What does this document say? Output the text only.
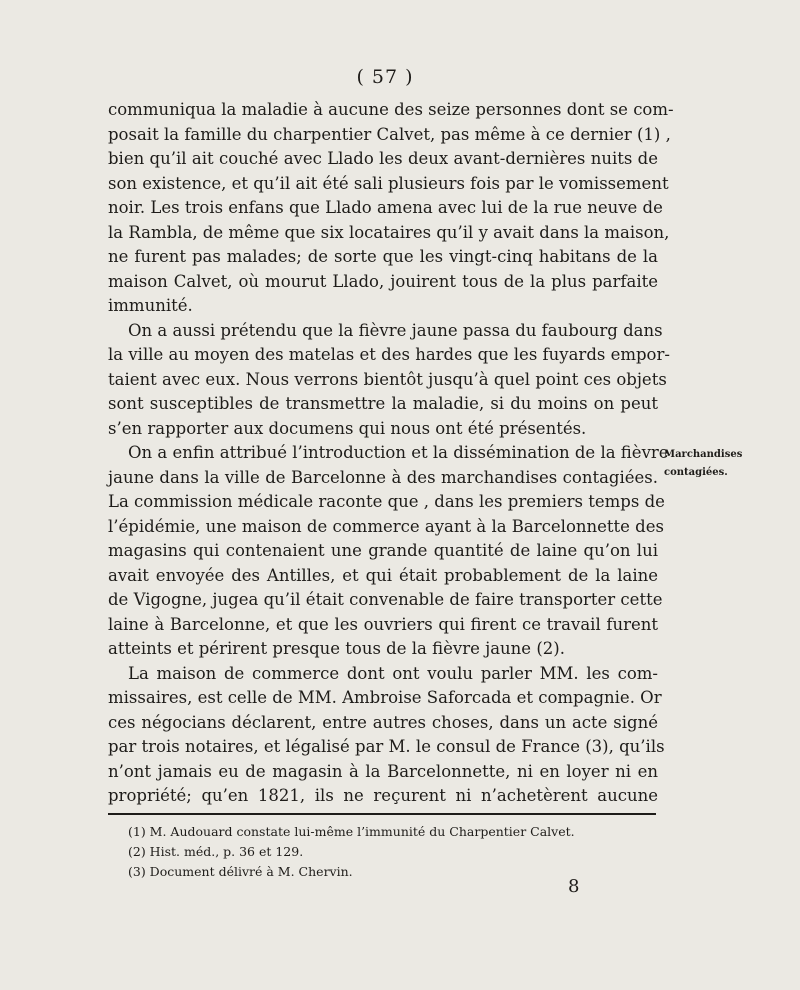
( 57 )
communiqua la maladie à aucune des seize personnes dont se com-
posait la famille du charpentier Calvet, pas même à ce dernier (1) ,
bien qu’il ait couché avec Llado les deux avant-dernières nuits de
son existence, et qu’il ait été sali plusieurs fois par le vomissement
noir. Les trois enfans que Llado amena avec lui de la rue neuve de
la Rambla, de même que six locataires qu’il y avait dans la maison,
ne furent pas malades; de sorte que les vingt-cinq habitans de la
maison Calvet, où mourut Llado, jouirent tous de la plus parfaite
immunité.
On a aussi prétendu que la fièvre jaune passa du faubourg dans
la ville au moyen des matelas et des hardes que les fuyards empor-
taient avec eux. Nous verrons bientôt jusqu’à quel point ces objets
sont susceptibles de transmettre la maladie, si du moins on peut
s’en rapporter aux documens qui nous ont été présentés.
On a enfin attribué l’introduction et la dissémination de la fièvre
jaune dans la ville de Barcelonne à des marchandises contagiées.
La commission médicale raconte que , dans les premiers temps de
l’épidémie, une maison de commerce ayant à la Barcelonnette des
magasins qui contenaient une grande quantité de laine qu’on lui
avait envoyée des Antilles, et qui était probablement de la laine
de Vigogne, jugea qu’il était convenable de faire transporter cette
laine à Barcelonne, et que les ouvriers qui firent ce travail furent
atteints et périrent presque tous de la fièvre jaune (2).
La maison de commerce dont ont voulu parler MM. les com-
missaires, est celle de MM. Ambroise Saforcada et compagnie. Or
ces négocians déclarent, entre autres choses, dans un acte signé
par trois notaires, et légalisé par M. le consul de France (3), qu’ils
n’ont jamais eu de magasin à la Barcelonnette, ni en loyer ni en
propriété; qu’en 1821, ils ne reçurent ni n’achetèrent aucune
Marchandises
contagiées.
(1) M. Audouard constate lui-même l’immunité du Charpentier Calvet.
(2) Hist. méd., p. 36 et 129.
(3) Document délivré à M. Chervin.
8
